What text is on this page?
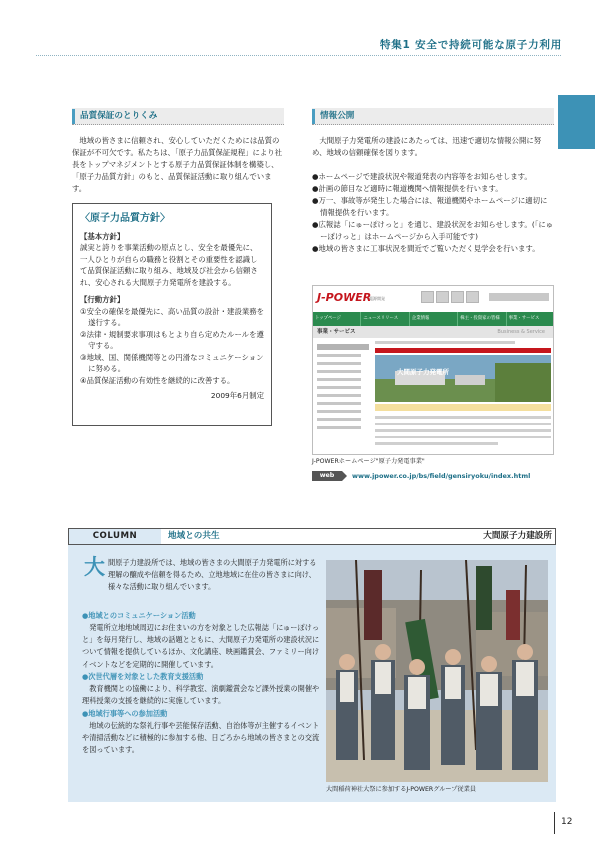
特集1 安全で持続可能な原子力利用
品質保証のとりくみ

地域の皆さまに信頼され、安心していただくためには品質の保証が不可欠です。私たちは、「原子力品質保証規程」により社長をトップマネジメントとする原子力品質保証体制を構築し、「原子力品質方針」のもと、品質保証活動に取り組んでいます。

〈原子力品質方針〉
【基本方針】

誠実と誇りを事業活動の原点とし、安全を最優先に、一人ひとりが自らの職務と役割とその重要性を認識して品質保証活動に取り組み、地域及び社会から信頼され、安心される大間原子力発電所を建設する。

【行動方針】
①安全の確保を最優先に、高い品質の設計・建設業務を遂行する。
②法律・規制要求事項はもとより自ら定めたルールを遵守する。
③地域、国、関係機関等との円滑なコミュニケーションに努める。
④品質保証活動の有効性を継続的に改善する。
2009年6月制定
情報公開

大間原子力発電所の建設にあたっては、迅速で適切な情報公開に努め、地域の信頼確保を図ります。

●ホームページで建設状況や報道発表の内容等をお知らせします。
●計画の節目など適時に報道機関へ情報提供を行います。
●万一、事故等が発生した場合には、報道機関やホームページに適切に情報提供を行います。
●広報誌「にゅーぽけっと」を通じ、建設状況をお知らせします。(「にゅーぽけっと」はホームページから入手可能です)
●地域の皆さまに工事状況を間近でご覧いただく見学会を行います。
J-POWER
電源開発
トップページ	ニュースリリース	企業情報	株主・投資家の皆様	事業・サービス
事業・サービス	Business & Service
大間原子力発電所
J-POWERホームページ"原子力発電事業"
web	www.jpower.co.jp/bs/field/gensiryoku/index.html
COLUMN	地域との共生	大間原子力建設所
大 間原子力建設所では、地域の皆さまの大間原子力発電所に対する理解の醸成や信頼を得るため、立地地域に在住の皆さまに向け、様々な活動に取り組んでいます。

●地域とのコミュニケーション活動

発電所立地地域周辺にお住まいの方を対象とした広報誌「にゅーぽけっと」を毎月発行し、地域の話題とともに、大間原子力発電所の建設状況について情報を提供しているほか、文化講座、映画鑑賞会、ファミリー向けイベントなどを定期的に開催しています。

●次世代層を対象とした教育支援活動

教育機関との協働により、科学教室、演劇鑑賞会など課外授業の開催や理科授業の支援を継続的に実施しています。

●地域行事等への参加活動

地域の伝統的な祭礼行事や芸能保存活動、自治体等が主催するイベントや清掃活動などに積極的に参加する他、日ごろから地域の皆さまとの交流を図っています。

大間稲荷神社大祭に参加するJ-POWERグループ従業員
12
